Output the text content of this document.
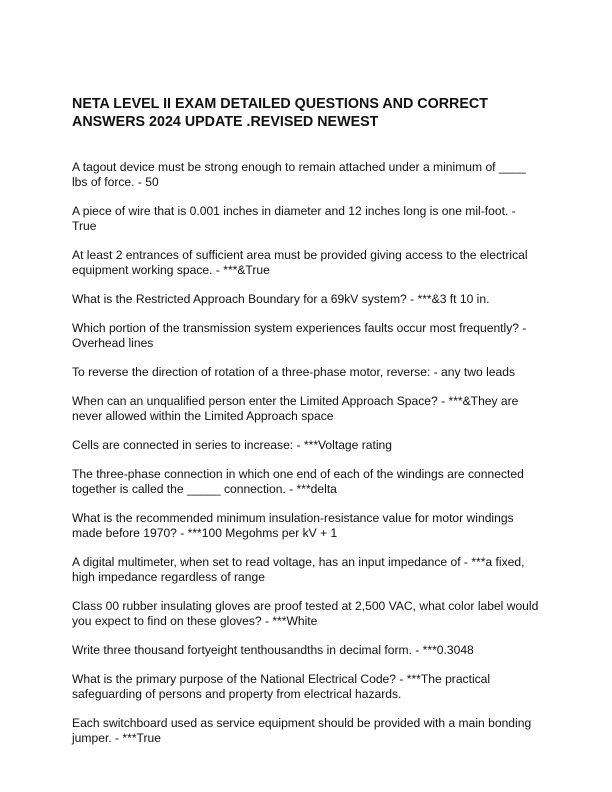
NETA LEVEL II EXAM DETAILED QUESTIONS AND CORRECT ANSWERS 2024 UPDATE .REVISED NEWEST
A tagout device must be strong enough to remain attached under a minimum of ____ lbs of force. - 50
A piece of wire that is 0.001 inches in diameter and 12 inches long is one mil-foot. - True
At least 2 entrances of sufficient area must be provided giving access to the electrical equipment working space. - ***&True
What is the Restricted Approach Boundary for a 69kV system? - ***&3 ft 10 in.
Which portion of the transmission system experiences faults occur most frequently? - Overhead lines
To reverse the direction of rotation of a three-phase motor, reverse: - any two leads
When can an unqualified person enter the Limited Approach Space? - ***&They are never allowed within the Limited Approach space
Cells are connected in series to increase: - ***Voltage rating
The three-phase connection in which one end of each of the windings are connected together is called the _____ connection. - ***delta
What is the recommended minimum insulation-resistance value for motor windings made before 1970? - ***100 Megohms per kV + 1
A digital multimeter, when set to read voltage, has an input impedance of - ***a fixed, high impedance regardless of range
Class 00 rubber insulating gloves are proof tested at 2,500 VAC, what color label would you expect to find on these gloves? - ***White
Write three thousand fortyeight tenthousandths in decimal form. - ***0.3048
What is the primary purpose of the National Electrical Code? - ***The practical safeguarding of persons and property from electrical hazards.
Each switchboard used as service equipment should be provided with a main bonding jumper. - ***True
